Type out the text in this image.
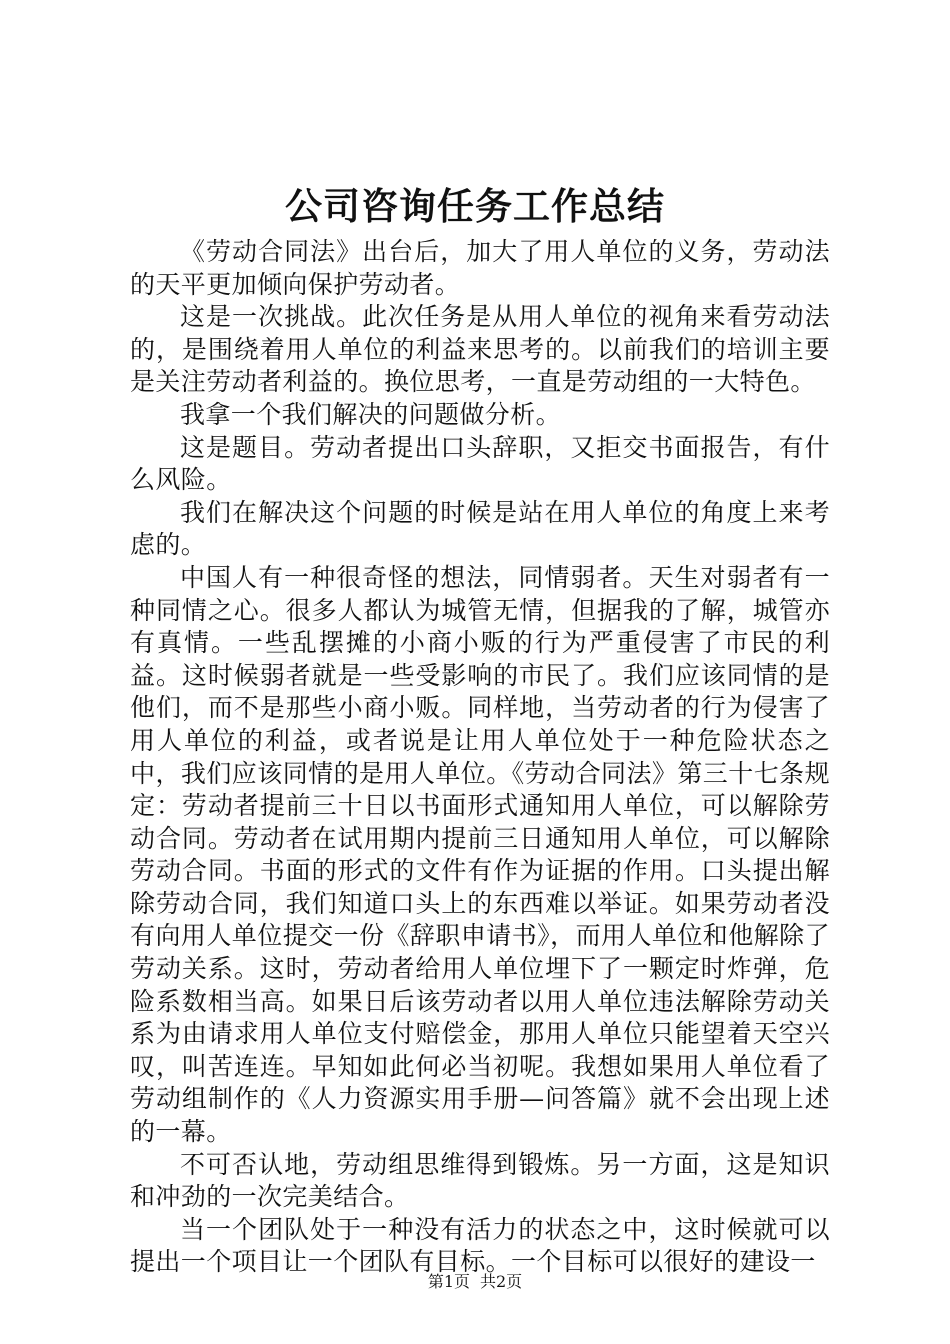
公司咨询任务工作总结

《劳动合同法》出台后，加大了用人单位的义务，劳动法的天平更加倾向保护劳动者。

这是一次挑战。此次任务是从用人单位的视角来看劳动法的，是围绕着用人单位的利益来思考的。以前我们的培训主要是关注劳动者利益的。换位思考，一直是劳动组的一大特色。

我拿一个我们解决的问题做分析。

这是题目。劳动者提出口头辞职，又拒交书面报告，有什么风险。

我们在解决这个问题的时候是站在用人单位的角度上来考虑的。

中国人有一种很奇怪的想法，同情弱者。天生对弱者有一种同情之心。很多人都认为城管无情，但据我的了解，城管亦有真情。一些乱摆摊的小商小贩的行为严重侵害了市民的利益。这时候弱者就是一些受影响的市民了。我们应该同情的是他们，而不是那些小商小贩。同样地，当劳动者的行为侵害了用人单位的利益，或者说是让用人单位处于一种危险状态之中，我们应该同情的是用人单位。《劳动合同法》第三十七条规定：劳动者提前三十日以书面形式通知用人单位，可以解除劳动合同。劳动者在试用期内提前三日通知用人单位，可以解除劳动合同。书面的形式的文件有作为证据的作用。口头提出解除劳动合同，我们知道口头上的东西难以举证。如果劳动者没有向用人单位提交一份《辞职申请书》，而用人单位和他解除了劳动关系。这时，劳动者给用人单位埋下了一颗定时炸弹，危险系数相当高。如果日后该劳动者以用人单位违法解除劳动关系为由请求用人单位支付赔偿金，那用人单位只能望着天空兴叹，叫苦连连。早知如此何必当初呢。我想如果用人单位看了劳动组制作的《人力资源实用手册—问答篇》就不会出现上述的一幕。

不可否认地，劳动组思维得到锻炼。另一方面，这是知识和冲劲的一次完美结合。

当一个团队处于一种没有活力的状态之中，这时候就可以提出一个项目让一个团队有目标。一个目标可以很好的建设一

第1页 共2页
